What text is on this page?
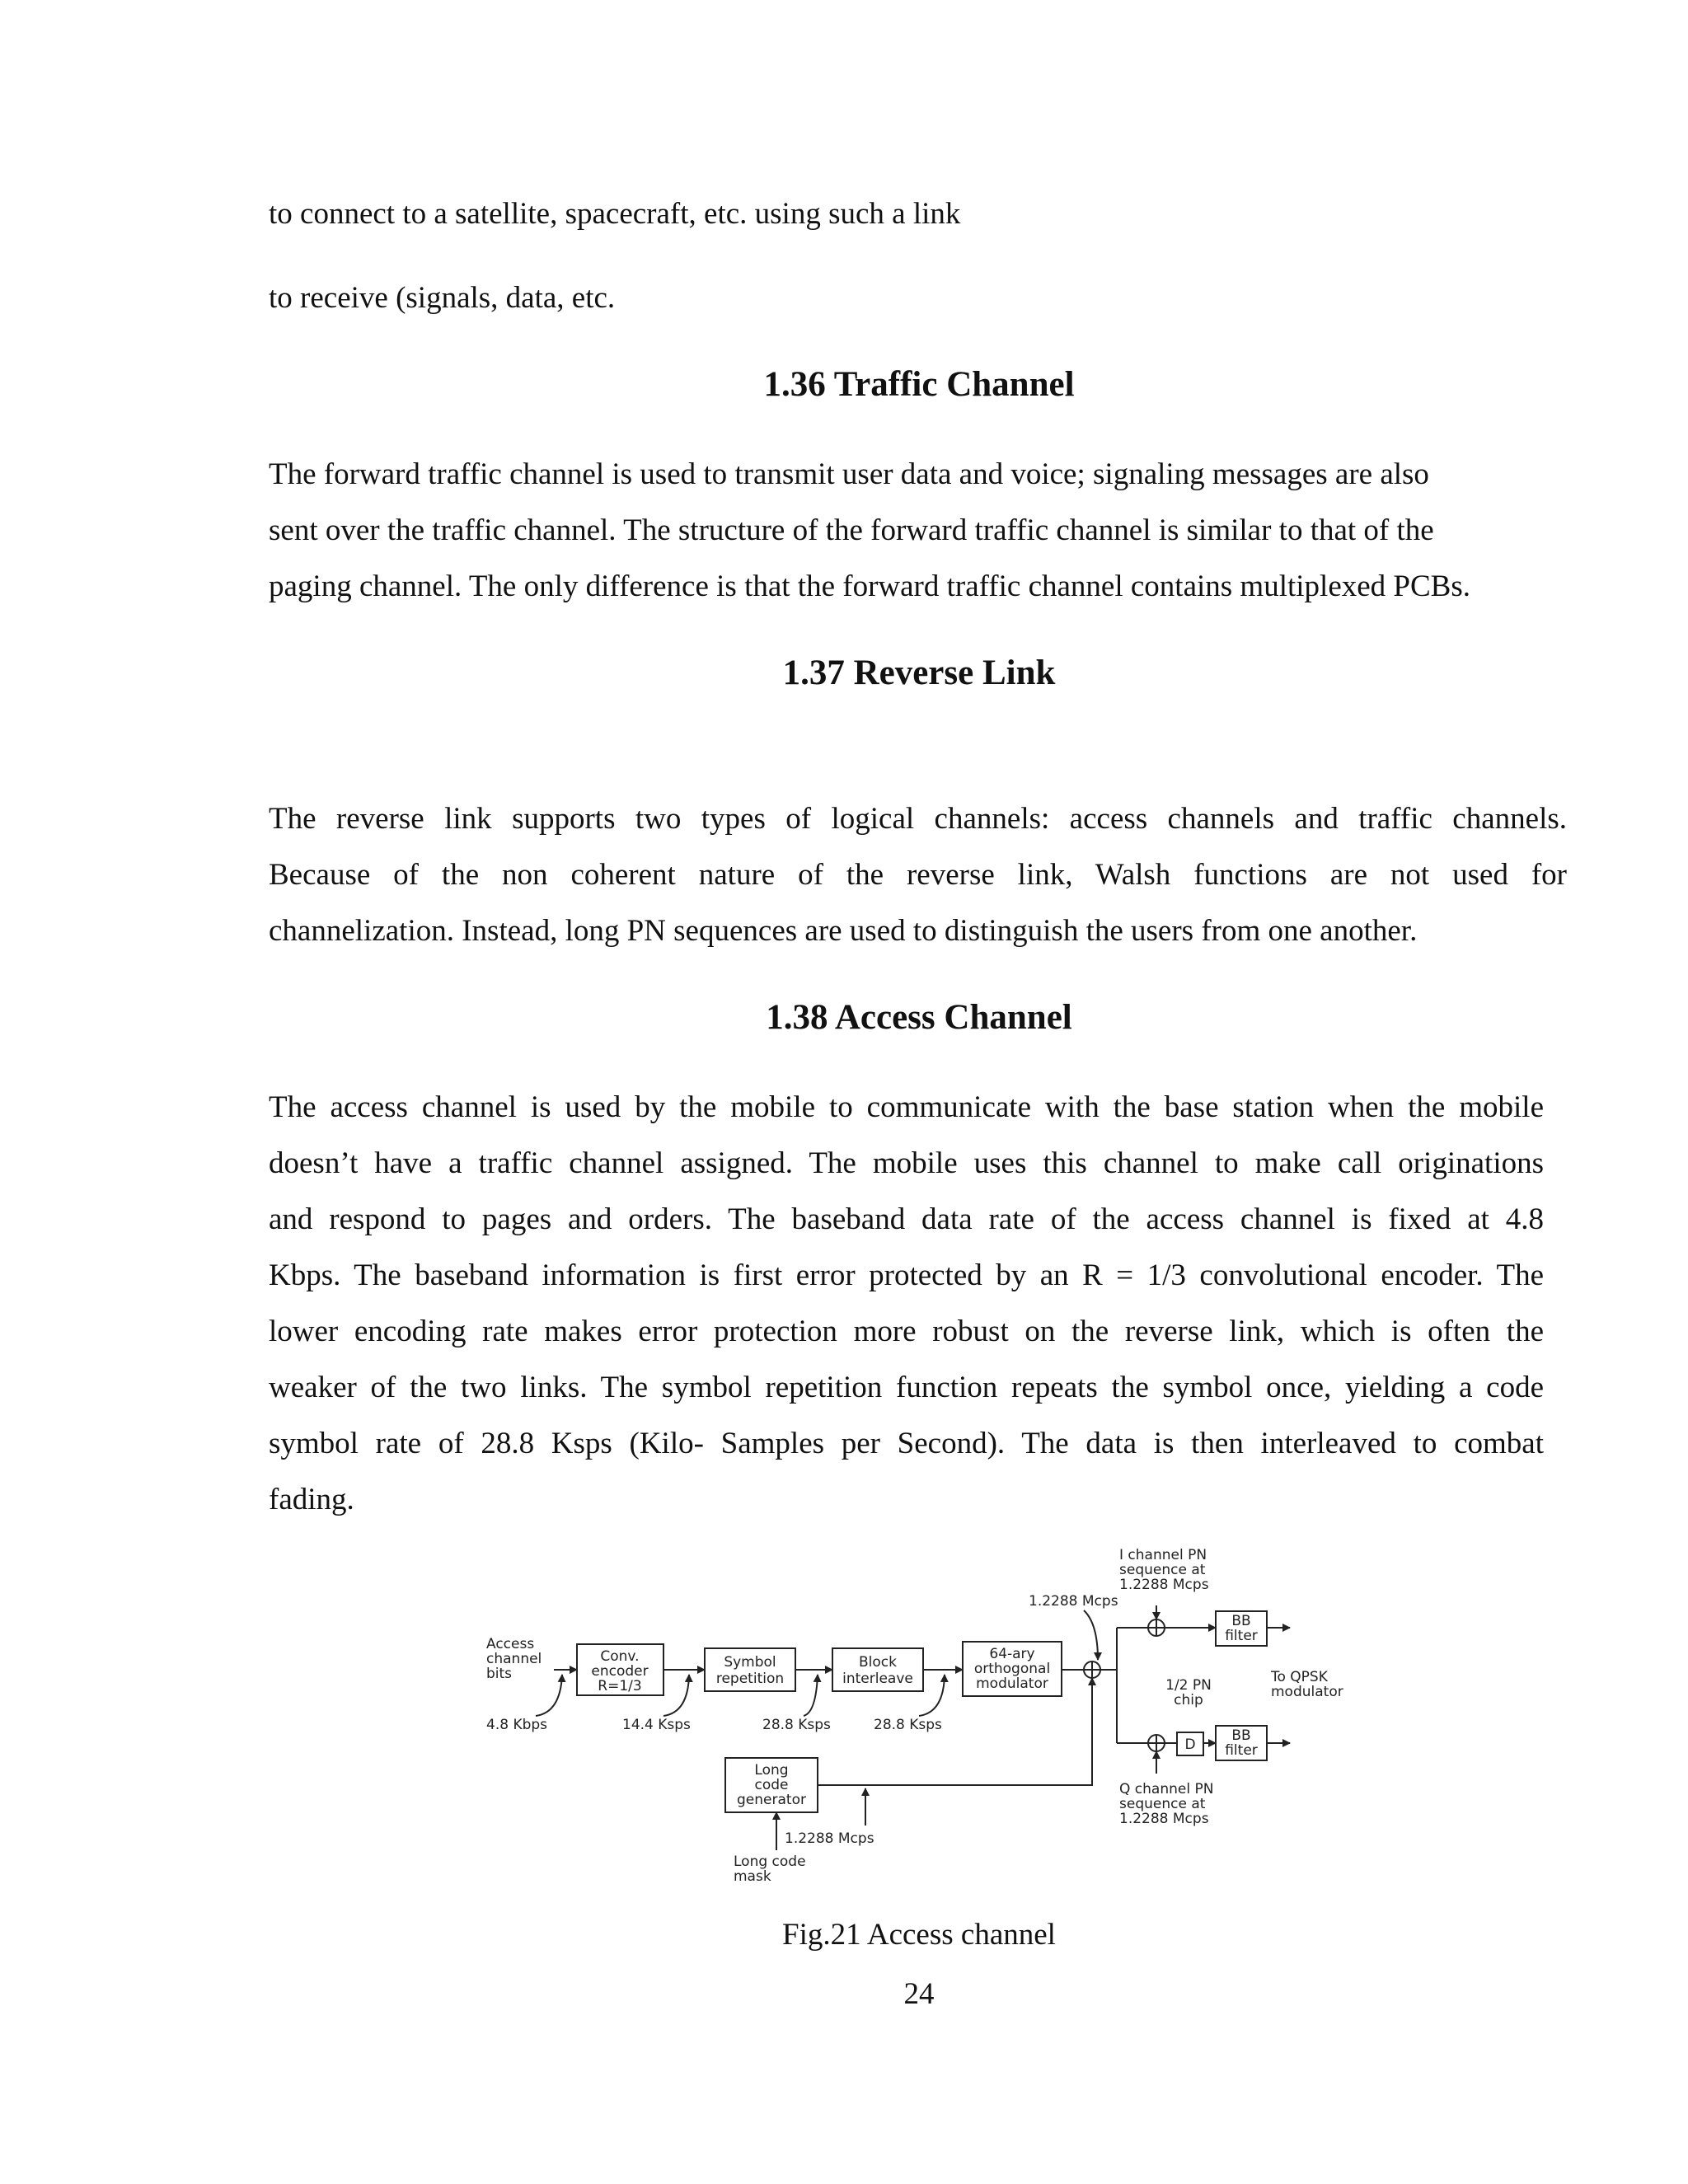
to connect to a satellite, spacecraft, etc. using such a link
to receive (signals, data, etc.
1.36 Traffic Channel
The forward traffic channel is used to transmit user data and voice; signaling messages are also
sent over the traffic channel. The structure of the forward traffic channel is similar to that of the
paging channel. The only difference is that the forward traffic channel contains multiplexed PCBs.
1.37 Reverse Link
The reverse link supports two types of logical channels: access channels and traffic channels.
Because of the non coherent nature of the reverse link, Walsh functions are not used for
channelization. Instead, long PN sequences are used to distinguish the users from one another.
1.38 Access Channel
The access channel is used by the mobile to communicate with the base station when the mobile
doesn’t have a traffic channel assigned. The mobile uses this channel to make call originations
and respond to pages and orders. The baseband data rate of the access channel is fixed at 4.8
Kbps. The baseband information is first error protected by an R = 1/3 convolutional encoder. The
lower encoding rate makes error protection more robust on the reverse link, which is often the
weaker of the two links. The symbol repetition function repeats the symbol once, yielding a code
symbol rate of 28.8 Ksps (Kilo- Samples per Second). The data is then interleaved to combat
fading.
Access
channel
bits
Conv.
encoder
R=1/3
Symbol
repetition
Block
interleave
64-ary
orthogonal
modulator
4.8 Kbps	14.4 Ksps	28.8 Ksps	28.8 Ksps
1.2288 Mcps
I channel PN
sequence at
1.2288 Mcps
BB
filter
Q channel PN
sequence at
1.2288 Mcps
D
1/2 PN
chip
BB
filter
To QPSK
modulator
Long
code
generator
1.2288 Mcps
Long code
mask
Fig.21 Access channel
24
